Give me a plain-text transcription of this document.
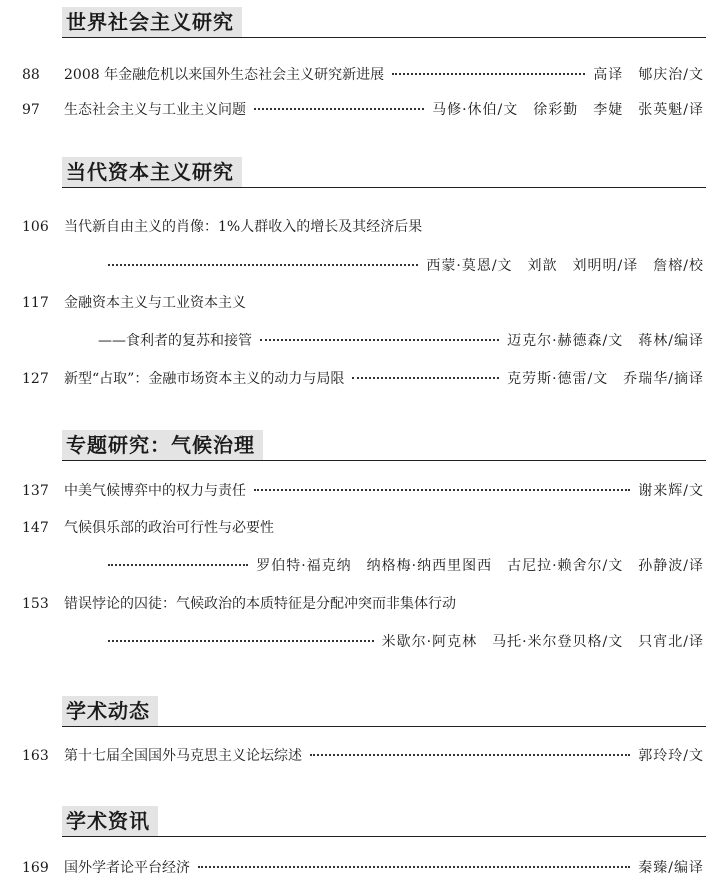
世界社会主义研究
88 2008 年金融危机以来国外生态社会主义研究新进展	高译　郇庆治/文
97 生态社会主义与工业主义问题	马修·休伯/文　徐彩勤　李婕　张英魁/译
当代资本主义研究
106 当代新自由主义的肖像：1%人群收入的增长及其经济后果
西蒙·莫恩/文　刘歆　刘明明/译　詹榕/校
117 金融资本主义与工业资本主义
——食利者的复苏和接管	迈克尔·赫德森/文　蒋林/编译
127 新型“占取”：金融市场资本主义的动力与局限	克劳斯·德雷/文　乔瑞华/摘译
专题研究：气候治理
137 中美气候博弈中的权力与责任	谢来辉/文
147 气候俱乐部的政治可行性与必要性
罗伯特·福克纳　纳格梅·纳西里图西　古尼拉·赖舍尔/文　孙静波/译
153 错误悖论的囚徒：气候政治的本质特征是分配冲突而非集体行动
米歇尔·阿克林　马托·米尔登贝格/文　只宵北/译
学术动态
163 第十七届全国国外马克思主义论坛综述	郭玲玲/文
学术资讯
169 国外学者论平台经济	秦臻/编译
